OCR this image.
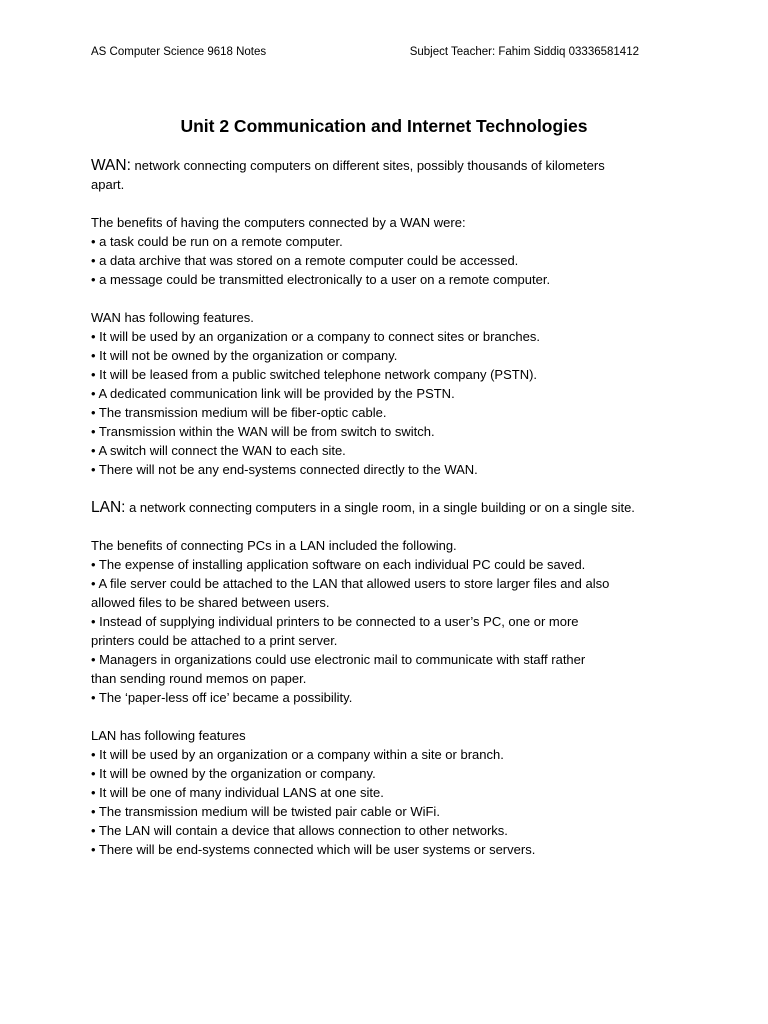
AS Computer Science 9618 Notes	Subject Teacher: Fahim Siddiq 03336581412
Unit 2 Communication and Internet Technologies

WAN: network connecting computers on different sites, possibly thousands of kilometers

apart.

The benefits of having the computers connected by a WAN were:

• a task could be run on a remote computer.

• a data archive that was stored on a remote computer could be accessed.

• a message could be transmitted electronically to a user on a remote computer.

WAN has following features.

• It will be used by an organization or a company to connect sites or branches.

• It will not be owned by the organization or company.

• It will be leased from a public switched telephone network company (PSTN).

• A dedicated communication link will be provided by the PSTN.

• The transmission medium will be fiber-optic cable.

• Transmission within the WAN will be from switch to switch.

• A switch will connect the WAN to each site.

• There will not be any end-systems connected directly to the WAN.

LAN: a network connecting computers in a single room, in a single building or on a single site.

The benefits of connecting PCs in a LAN included the following.

• The expense of installing application software on each individual PC could be saved.

• A file server could be attached to the LAN that allowed users to store larger files and also

allowed files to be shared between users.

• Instead of supplying individual printers to be connected to a user’s PC, one or more

printers could be attached to a print server.

• Managers in organizations could use electronic mail to communicate with staff rather

than sending round memos on paper.

• The ‘paper-less off ice’ became a possibility.

LAN has following features

• It will be used by an organization or a company within a site or branch.

• It will be owned by the organization or company.

• It will be one of many individual LANS at one site.

• The transmission medium will be twisted pair cable or WiFi.

• The LAN will contain a device that allows connection to other networks.

• There will be end-systems connected which will be user systems or servers.
